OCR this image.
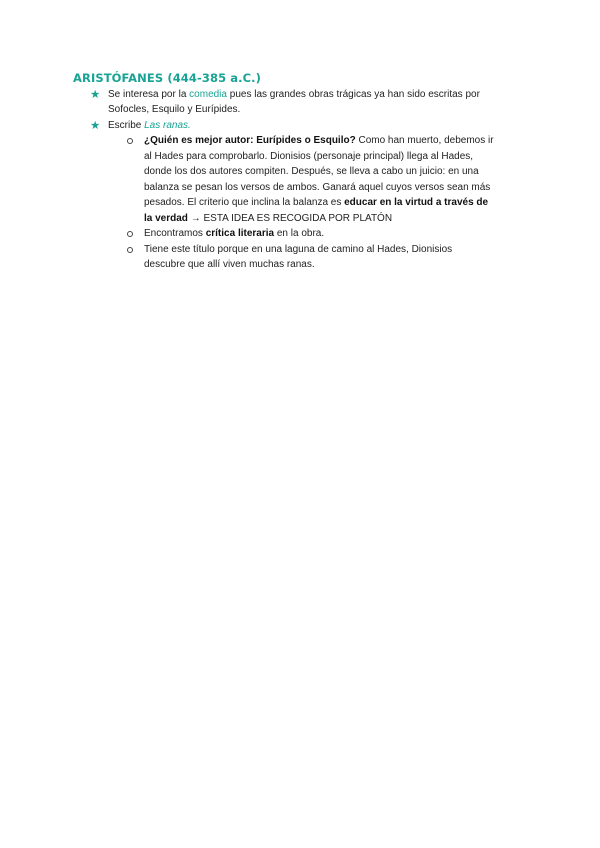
ARISTÓFANES (444-385 a.C.)
★ Se interesa por la comedia pues las grandes obras trágicas ya han sido escritas por Sofocles, Esquilo y Eurípides.
★ Escribe Las ranas.
¿Quién es mejor autor: Eurípides o Esquilo? Como han muerto, debemos ir al Hades para comprobarlo. Dionisios (personaje principal) llega al Hades, donde los dos autores compiten. Después, se lleva a cabo un juicio: en una balanza se pesan los versos de ambos. Ganará aquel cuyos versos sean más pesados. El criterio que inclina la balanza es educar en la virtud a través de la verdad → ESTA IDEA ES RECOGIDA POR PLATÓN
Encontramos crítica literaria en la obra.
Tiene este título porque en una laguna de camino al Hades, Dionisios descubre que allí viven muchas ranas.
